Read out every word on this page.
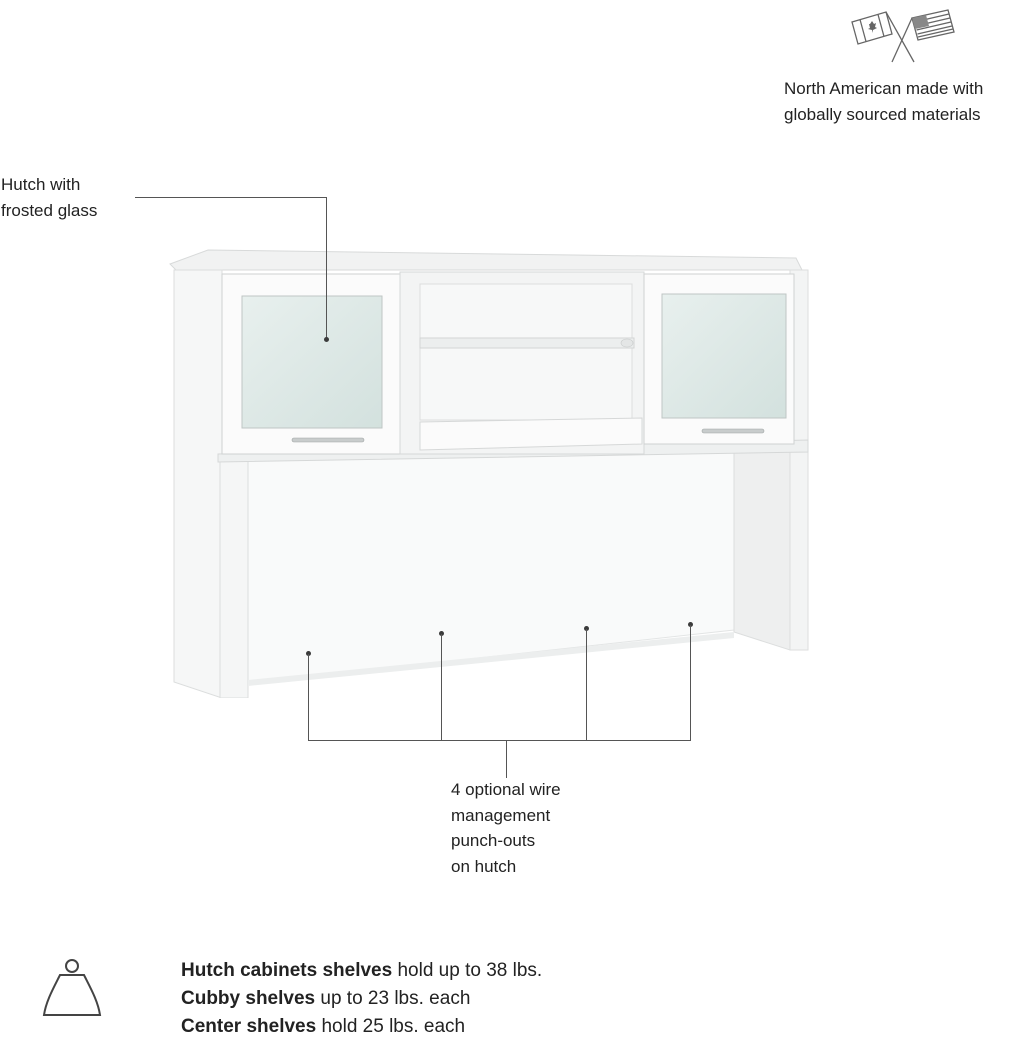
North American made with
globally sourced materials
Hutch with
frosted glass
4 optional wire
management
punch-outs
on hutch
Hutch cabinets shelves hold up to 38 lbs.
Cubby shelves up to 23 lbs. each
Center shelves hold 25 lbs. each
